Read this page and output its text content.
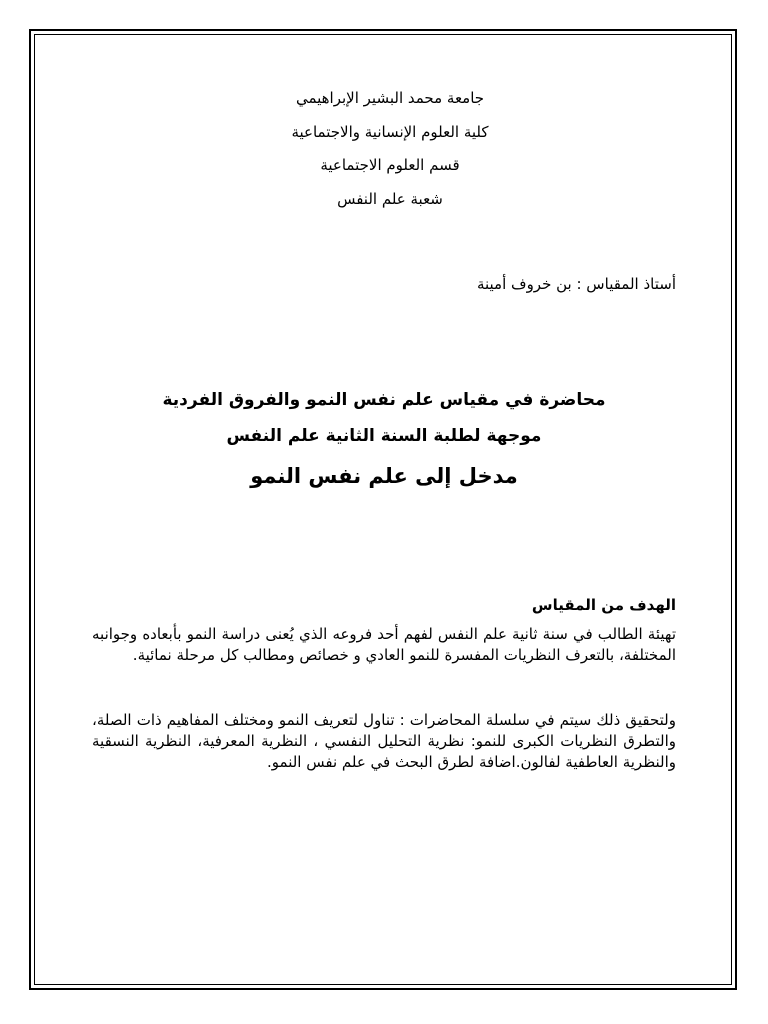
جامعة محمد البشير الإبراهيمي
كلية العلوم الإنسانية والاجتماعية
قسم العلوم الاجتماعية
شعبة علم النفس
أستاذ المقياس : بن خروف أمينة
محاضرة في مقياس علم نفس النمو والفروق الفردية
موجهة لطلبة السنة الثانية علم النفس
مدخل إلى علم نفس النمو
الهدف من المقياس
تهيئة الطالب في سنة ثانية علم النفس لفهم أحد فروعه الذي يُعنى دراسة النمو بأبعاده وجوانبه المختلفة، بالتعرف النظريات المفسرة للنمو العادي و خصائص ومطالب كل مرحلة نمائية.
ولتحقيق ذلك سيتم في سلسلة المحاضرات : تناول لتعريف النمو ومختلف المفاهيم ذات الصلة، والتطرق النظريات الكبرى للنمو: نظرية التحليل النفسي ، النظرية المعرفية، النظرية النسقية والنظرية العاطفية لفالون.اضافة لطرق البحث في علم نفس النمو.
